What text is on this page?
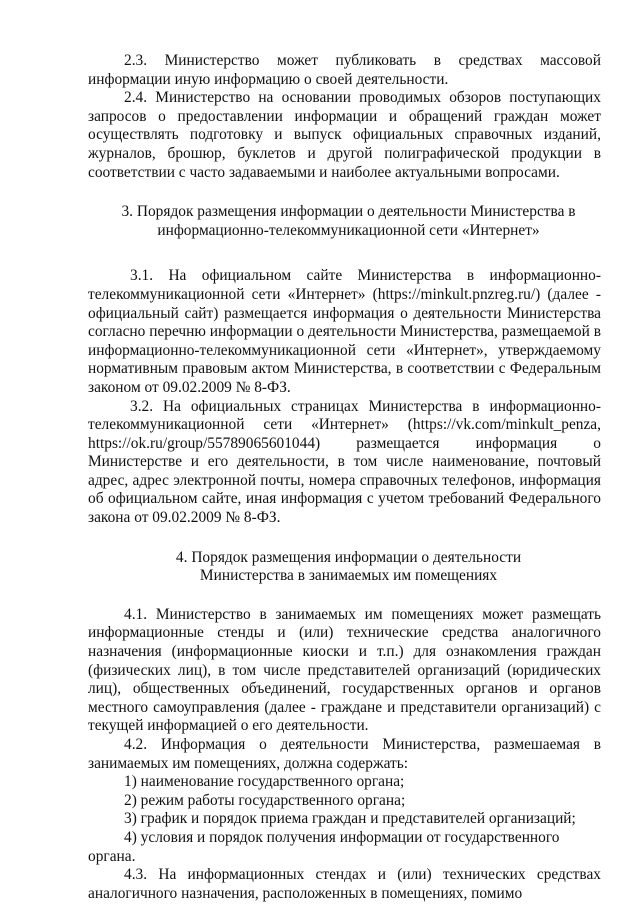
2.3. Министерство может публиковать в средствах массовой информации иную информацию о своей деятельности.

2.4. Министерство на основании проводимых обзоров поступающих запросов о предоставлении информации и обращений граждан может осуществлять подготовку и выпуск официальных справочных изданий, журналов, брошюр, буклетов и другой полиграфической продукции в соответствии с часто задаваемыми и наиболее актуальными вопросами.

3. Порядок размещения информации о деятельности Министерства в
информационно-телекоммуникационной сети «Интернет»

3.1. На официальном сайте Министерства в информационно-телекоммуникационной сети «Интернет» (https://minkult.pnzreg.ru/) (далее - официальный сайт) размещается информация о деятельности Министерства согласно перечню информации о деятельности Министерства, размещаемой в информационно-телекоммуникационной сети «Интернет», утверждаемому нормативным правовым актом Министерства, в соответствии с Федеральным законом от 09.02.2009 № 8-ФЗ.

3.2. На официальных страницах Министерства в информационно-телекоммуникационной сети «Интернет» (https://vk.com/minkult_penza, https://ok.ru/group/55789065601044) размещается информация о Министерстве и его деятельности, в том числе наименование, почтовый адрес, адрес электронной почты, номера справочных телефонов, информация об официальном сайте, иная информация с учетом требований Федерального закона от 09.02.2009 № 8-ФЗ.

4. Порядок размещения информации о деятельности
Министерства в занимаемых им помещениях

4.1. Министерство в занимаемых им помещениях может размещать информационные стенды и (или) технические средства аналогичного назначения (информационные киоски и т.п.) для ознакомления граждан (физических лиц), в том числе представителей организаций (юридических лиц), общественных объединений, государственных органов и органов местного самоуправления (далее - граждане и представители организаций) с текущей информацией о его деятельности.

4.2. Информация о деятельности Министерства, размешаемая в занимаемых им помещениях, должна содержать:

1) наименование государственного органа;

2) режим работы государственного органа;

3) график и порядок приема граждан и представителей организаций;

4) условия и порядок получения информации от государственного органа.

4.3. На информационных стендах и (или) технических средствах аналогичного назначения, расположенных в помещениях, помимо
